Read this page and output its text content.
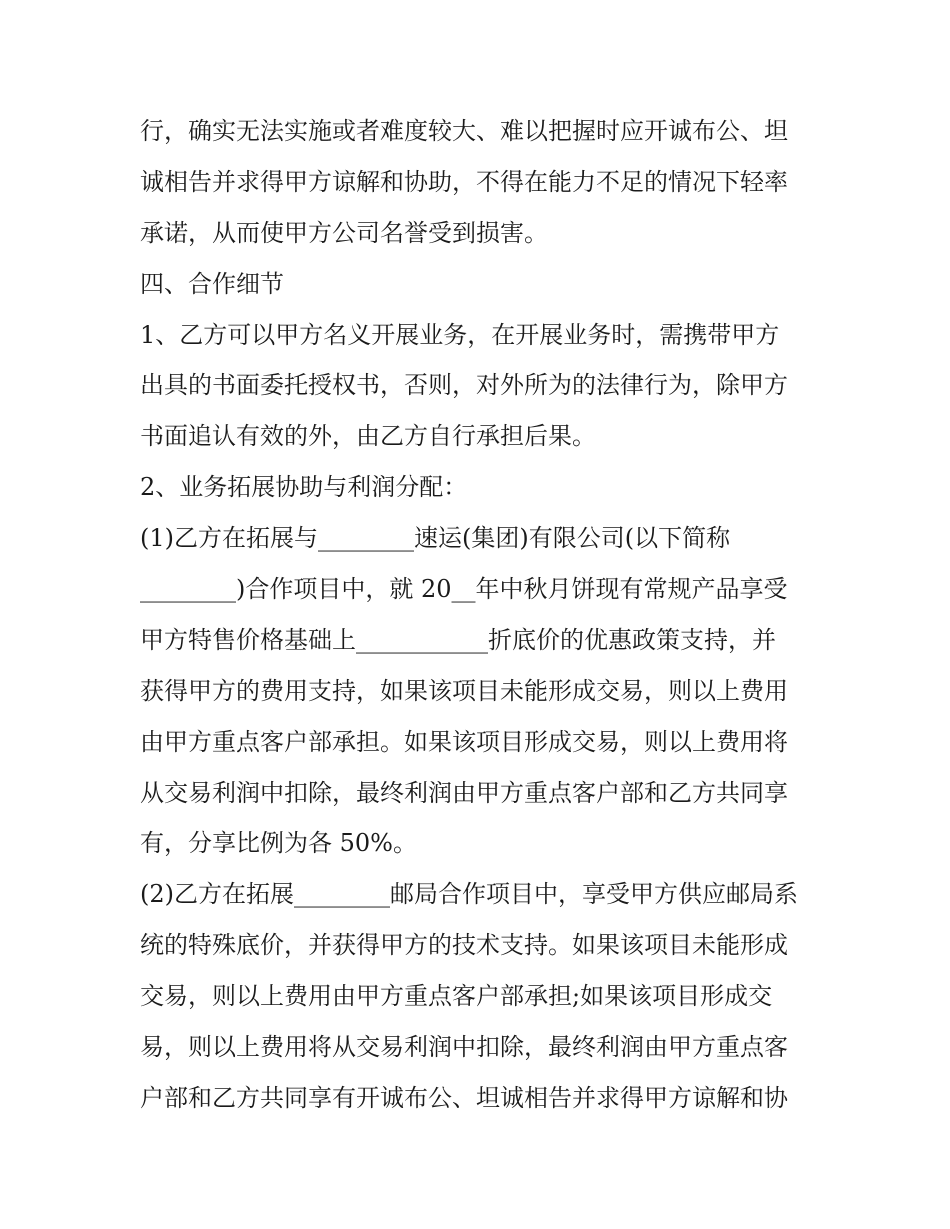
行，确实无法实施或者难度较大、难以把握时应开诚布公、坦
诚相告并求得甲方谅解和协助，不得在能力不足的情况下轻率
承诺，从而使甲方公司名誉受到损害。
四、合作细节
1、乙方可以甲方名义开展业务，在开展业务时，需携带甲方
出具的书面委托授权书，否则，对外所为的法律行为，除甲方
书面追认有效的外，由乙方自行承担后果。
2、业务拓展协助与利润分配：
(1)乙方在拓展与________速运(集团)有限公司(以下简称
________)合作项目中，就 20__年中秋月饼现有常规产品享受
甲方特售价格基础上___________折底价的优惠政策支持，并
获得甲方的费用支持，如果该项目未能形成交易，则以上费用
由甲方重点客户部承担。如果该项目形成交易，则以上费用将
从交易利润中扣除，最终利润由甲方重点客户部和乙方共同享
有，分享比例为各 50%。
(2)乙方在拓展________邮局合作项目中，享受甲方供应邮局系
统的特殊底价，并获得甲方的技术支持。如果该项目未能形成
交易，则以上费用由甲方重点客户部承担;如果该项目形成交
易，则以上费用将从交易利润中扣除，最终利润由甲方重点客
户部和乙方共同享有开诚布公、坦诚相告并求得甲方谅解和协
